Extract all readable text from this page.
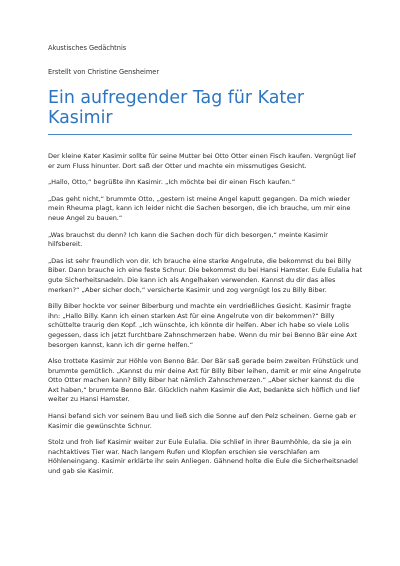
Akustisches Gedächtnis

Erstellt von Christine Gensheimer

Ein aufregender Tag für Kater Kasimir

Der kleine Kater Kasimir sollte für seine Mutter bei Otto Otter einen Fisch kaufen. Vergnügt lief er zum Fluss hinunter. Dort saß der Otter und machte ein missmutiges Gesicht.

„Hallo, Otto,“ begrüßte ihn Kasimir. „Ich möchte bei dir einen Fisch kaufen.“

„Das geht nicht,“ brummte Otto, „gestern ist meine Angel kaputt gegangen. Da mich wieder mein Rheuma plagt, kann ich leider nicht die Sachen besorgen, die ich brauche, um mir eine neue Angel zu bauen.“

„Was brauchst du denn? Ich kann die Sachen doch für dich besorgen,“ meinte Kasimir hilfsbereit.

„Das ist sehr freundlich von dir. Ich brauche eine starke Angelrute, die bekommst du bei Billy Biber. Dann brauche ich eine feste Schnur. Die bekommst du bei Hansi Hamster. Eule Eulalia hat gute Sicherheitsnadeln. Die kann ich als Angelhaken verwenden. Kannst du dir das alles merken?“ „Aber sicher doch,“ versicherte Kasimir und zog vergnügt los zu Billy Biber.

Billy Biber hockte vor seiner Biberburg und machte ein verdrießliches Gesicht. Kasimir fragte ihn: „Hallo Billy. Kann ich einen starken Ast für eine Angelrute von dir bekommen?“ Billy schüttelte traurig den Kopf. „Ich wünschte, ich könnte dir helfen. Aber ich habe so viele Lolis gegessen, dass ich jetzt furchtbare Zahnschmerzen habe. Wenn du mir bei Benno Bär eine Axt besorgen kannst, kann ich dir gerne helfen.“

Also trottete Kasimir zur Höhle von Benno Bär. Der Bär saß gerade beim zweiten Frühstück und brummte gemütlich. „Kannst du mir deine Axt für Billy Biber leihen, damit er mir eine Angelrute Otto Otter machen kann? Billy Biber hat nämlich Zahnschmerzen.“ „Aber sicher kannst du die Axt haben,“ brummte Benno Bär. Glücklich nahm Kasimir die Axt, bedankte sich höflich und lief weiter zu Hansi Hamster.

Hansi befand sich vor seinem Bau und ließ sich die Sonne auf den Pelz scheinen. Gerne gab er Kasimir die gewünschte Schnur.

Stolz und froh lief Kasimir weiter zur Eule Eulalia. Die schlief in ihrer Baumhöhle, da sie ja ein nachtaktives Tier war. Nach langem Rufen und Klopfen erschien sie verschlafen am Höhleneingang. Kasimir erklärte ihr sein Anliegen. Gähnend holte die Eule die Sicherheitsnadel und gab sie Kasimir.
